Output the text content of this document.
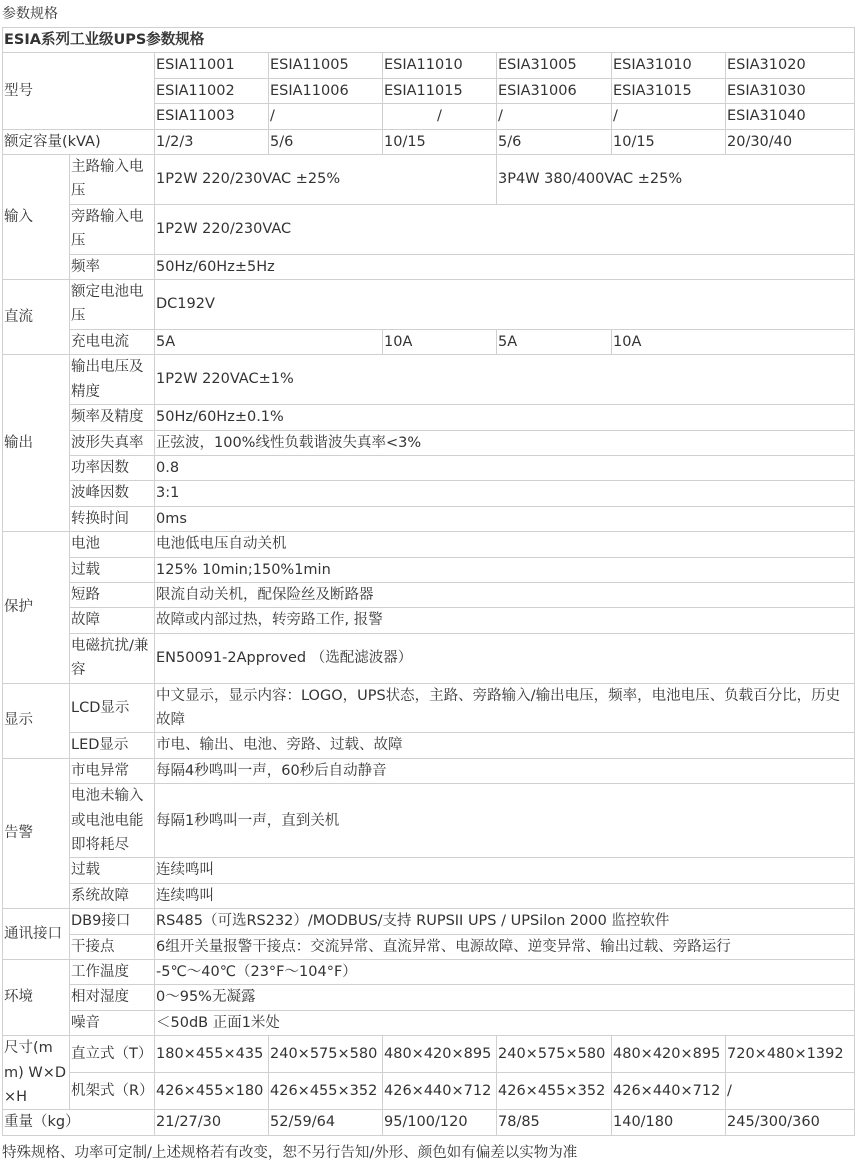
参数规格
ESIA系列工业级UPS参数规格							
型号		ESIA11001	ESIA11005	ESIA11010	ESIA31005	ESIA31010	ESIA31020
		ESIA11002	ESIA11006	ESIA11015	ESIA31006	ESIA31015	ESIA31030
		ESIA11003	/	/	/	/	ESIA31040
额定容量(kVA)		1/2/3	5/6	10/15	5/6	10/15	20/30/40
输入	主路输入电压	1P2W 220/230VAC ±25%			3P4W 380/400VAC ±25%		
	旁路输入电压	1P2W 220/230VAC					
	频率	50Hz/60Hz±5Hz					
直流	额定电池电压	DC192V					
	充电电流	5A		10A	5A	10A	
输出	输出电压及精度	1P2W 220VAC±1%					
	频率及精度	50Hz/60Hz±0.1%					
	波形失真率	正弦波，100%线性负载谐波失真率<3%					
	功率因数	0.8					
	波峰因数	3:1					
	转换时间	0ms					
保护	电池	电池低电压自动关机					
	过载	125% 10min;150%1min					
	短路	限流自动关机，配保险丝及断路器					
	故障	故障或内部过热，转旁路工作, 报警					
	电磁抗扰/兼容	EN50091-2Approved （选配滤波器）					
显示	LCD显示	中文显示，显示内容：LOGO，UPS状态，主路、旁路输入/输出电压，频率，电池电压、负载百分比，历史故障					
	LED显示	市电、输出、电池、旁路、过载、故障					
告警	市电异常	每隔4秒鸣叫一声，60秒后自动静音					
	电池未输入或电池电能即将耗尽	每隔1秒鸣叫一声，直到关机					
	过载	连续鸣叫					
	系统故障	连续鸣叫					
通讯接口	DB9接口	RS485（可选RS232）/MODBUS/支持 RUPSII UPS / UPSilon 2000 监控软件					
	干接点	6组开关量报警干接点：交流异常、直流异常、电源故障、逆变异常、输出过载、旁路运行					
环境	工作温度	-5℃～40℃（23°F～104°F）					
	相对湿度	0～95%无凝露					
	噪音	＜50dB 正面1米处					
尺寸(mm) W×D×H	直立式（T）	180×455×435	240×575×580	480×420×895	240×575×580	480×420×895	720×480×1392
	机架式（R）	426×455×180	426×455×352	426×440×712	426×455×352	426×440×712	/
重量（kg）		21/27/30	52/59/64	95/100/120	78/85	140/180	245/300/360
特殊规格、功率可定制/上述规格若有改变，恕不另行告知/外形、颜色如有偏差以实物为准
